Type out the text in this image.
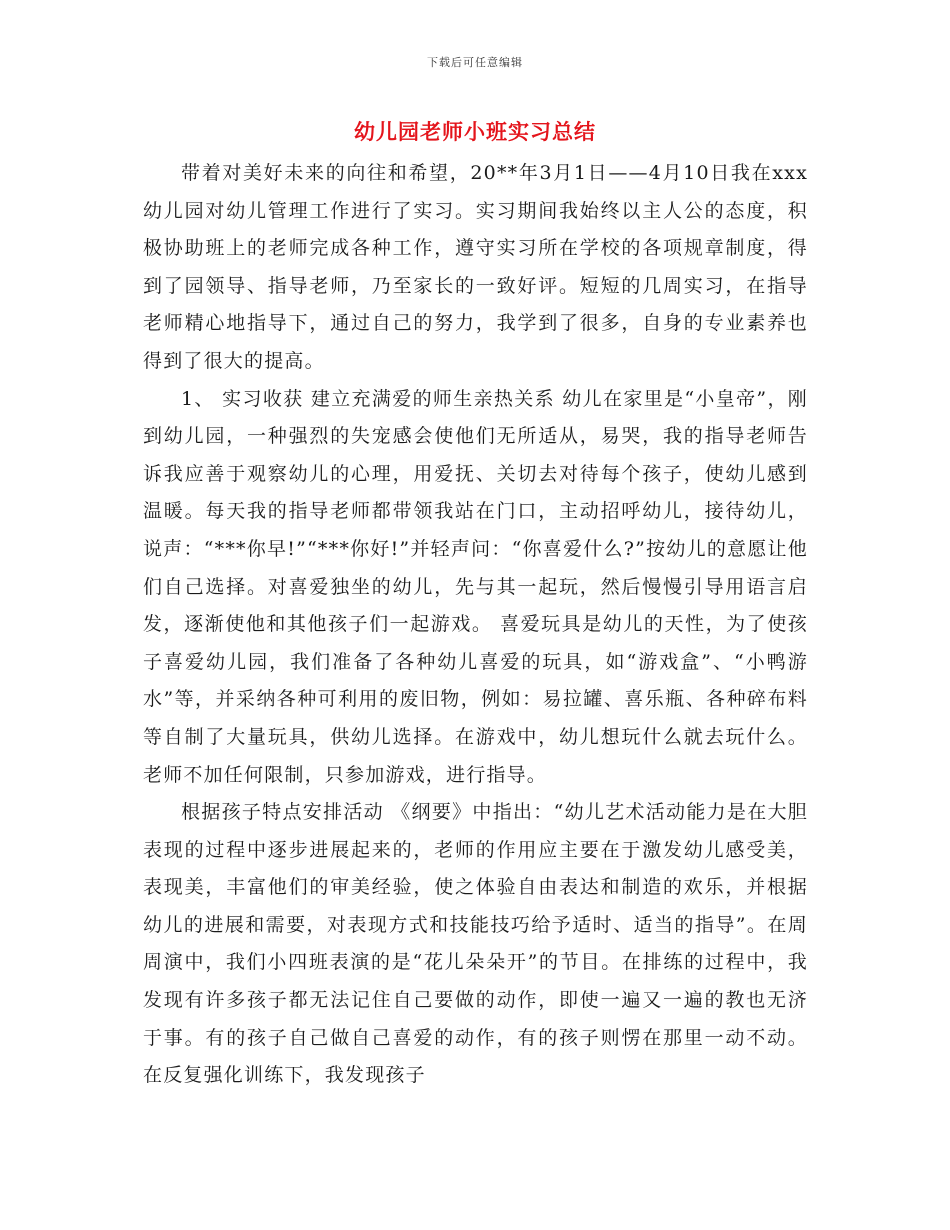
下载后可任意编辑
幼儿园老师小班实习总结

带着对美好未来的向往和希望，20**年3月1日——4月10日我在xxx幼儿园对幼儿管理工作进行了实习。实习期间我始终以主人公的态度，积极协助班上的老师完成各种工作，遵守实习所在学校的各项规章制度，得到了园领导、指导老师，乃至家长的一致好评。短短的几周实习，在指导老师精心地指导下，通过自己的努力，我学到了很多，自身的专业素养也得到了很大的提高。

1、 实习收获 建立充满爱的师生亲热关系 幼儿在家里是“小皇帝”，刚到幼儿园，一种强烈的失宠感会使他们无所适从，易哭，我的指导老师告诉我应善于观察幼儿的心理，用爱抚、关切去对待每个孩子，使幼儿感到温暖。每天我的指导老师都带领我站在门口，主动招呼幼儿，接待幼儿，说声：“***你早!”“***你好!”并轻声问：“你喜爱什么?”按幼儿的意愿让他们自己选择。对喜爱独坐的幼儿，先与其一起玩，然后慢慢引导用语言启发，逐渐使他和其他孩子们一起游戏。 喜爱玩具是幼儿的天性，为了使孩子喜爱幼儿园，我们准备了各种幼儿喜爱的玩具，如“游戏盒”、“小鸭游水”等，并采纳各种可利用的废旧物，例如：易拉罐、喜乐瓶、各种碎布料等自制了大量玩具，供幼儿选择。在游戏中，幼儿想玩什么就去玩什么。老师不加任何限制，只参加游戏，进行指导。

根据孩子特点安排活动 《纲要》中指出：“幼儿艺术活动能力是在大胆表现的过程中逐步进展起来的，老师的作用应主要在于激发幼儿感受美，表现美，丰富他们的审美经验，使之体验自由表达和制造的欢乐，并根据幼儿的进展和需要，对表现方式和技能技巧给予适时、适当的指导”。在周周演中，我们小四班表演的是“花儿朵朵开”的节目。在排练的过程中，我发现有许多孩子都无法记住自己要做的动作，即使一遍又一遍的教也无济于事。有的孩子自己做自己喜爱的动作，有的孩子则愣在那里一动不动。在反复强化训练下，我发现孩子
